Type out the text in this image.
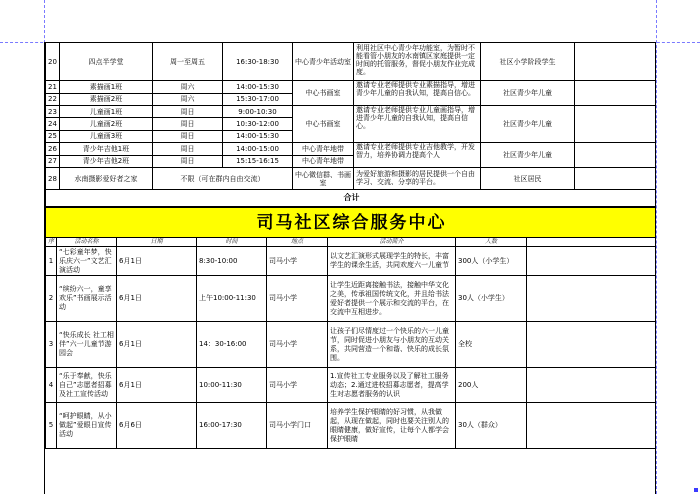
20	四点半学堂	周一至周五	16:30-18:30	中心青少年活动室	利用社区中心青少年功能室，为暂时不能看管小朋友的水南镇区家庭提供一定时间的托管服务，督促小朋友作业完成度。	社区小学阶段学生	
21	素描画1班	周六	14:00-15:30	中心书画室	邀请专业老师提供专业素描指导，增进青少年儿童的自我认知，提高自信心。	社区青少年儿童	
22	素描画2班	周六	15:30-17:00				
23	儿童画1班	周日	9:00-10:30	中心书画室	邀请专业老师提供专业儿童画指导，增进青少年儿童的自我认知，提高自信心。	社区青少年儿童	
24	儿童画2班	周日	10:30-12:00				
25	儿童画3班	周日	14:00-15:30				
26	青少年吉他1班	周日	14:00-15:00	中心青年地带	邀请专业老师提供专业吉他教学，开发智力，培养协调力提高个人	社区青少年儿童	
27	青少年吉他2班	周日	15:15-16:15	中心青年地带			
28	水南摄影爱好者之家	不限（可在群内自由交流）		中心微信群、书画室	为爱好旅游和摄影的居民提供一个自由学习、交流、分享的平台。	社区居民	
合计							
司马社区综合服务中心							
序	活动名称	日期	时间	地点	活动简介	人数	
1	“七彩童年梦，快乐庆六一”文艺汇演活动	6月1日	8:30-10:00	司马小学	以文艺汇演形式展现学生的特长，丰富学生的课余生活，共同欢度六一儿童节	300人（小学生）	
2	“缤纷六一，童享欢乐”书画展示活动	6月1日	上午10:00-11:30	司马小学	让学生近距离接触书法，接触中华文化之美，传承祖国传统文化，并且给书法爱好者提供一个展示和交流的平台，在交流中互相进步。	30人（小学生）	
3	“快乐成长 社工相伴”六一儿童节游园会	6月1日	14：30-16:00	司马小学	让孩子们尽情度过一个快乐的六一儿童节，同时促进小朋友与小朋友的互动关系，共同营造一个和谐、快乐的成长氛围。	全校	
4	“乐于奉献，快乐自己”志愿者招募及社工宣传活动	6月1日	10:00-11:30	司马小学	1.宣传社工专业服务以及了解社工服务动态；2.通过进校招募志愿者，提高学生对志愿者服务的认识	200人	
5	“呵护眼睛，从小做起”爱眼日宣传活动	6月6日	16:00-17:30	司马小学门口	培养学生保护眼睛的好习惯，从我做起，从现在做起，同时也要关注别人的眼睛健康，做好宣传，让每个人都学会保护眼睛	30人（群众）	
